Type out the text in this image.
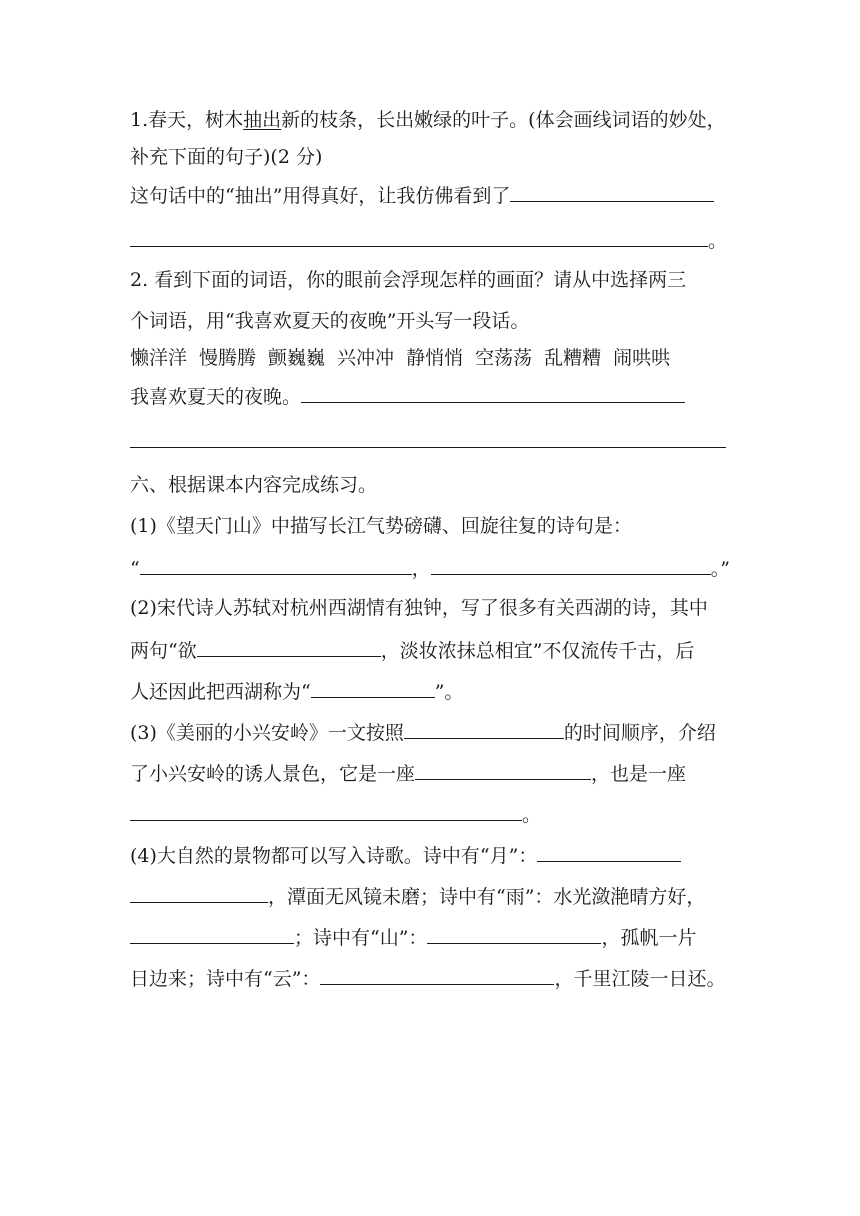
1.春天，树木抽出新的枝条，长出嫩绿的叶子。(体会画线词语的妙处，
补充下面的句子)(2 分)
这句话中的“抽出”用得真好，让我仿佛看到了
。
2. 看到下面的词语，你的眼前会浮现怎样的画面？请从中选择两三
个词语，用“我喜欢夏天的夜晚”开头写一段话。
懒洋洋 慢腾腾 颤巍巍 兴冲冲 静悄悄 空荡荡 乱糟糟 闹哄哄
我喜欢夏天的夜晚。
六、根据课本内容完成练习。
(1)《望天门山》中描写长江气势磅礴、回旋往复的诗句是：
“	，	。”
(2)宋代诗人苏轼对杭州西湖情有独钟，写了很多有关西湖的诗，其中
两句“欲	，淡妆浓抹总相宜”不仅流传千古，后
人还因此把西湖称为“	”。
(3)《美丽的小兴安岭》一文按照	的时间顺序，介绍
了小兴安岭的诱人景色，它是一座	，也是一座
。
(4)大自然的景物都可以写入诗歌。诗中有“月”：
，潭面无风镜未磨；诗中有“雨”：水光潋滟晴方好，
；诗中有“山”：	，孤帆一片
日边来；诗中有“云”：	，千里江陵一日还。
